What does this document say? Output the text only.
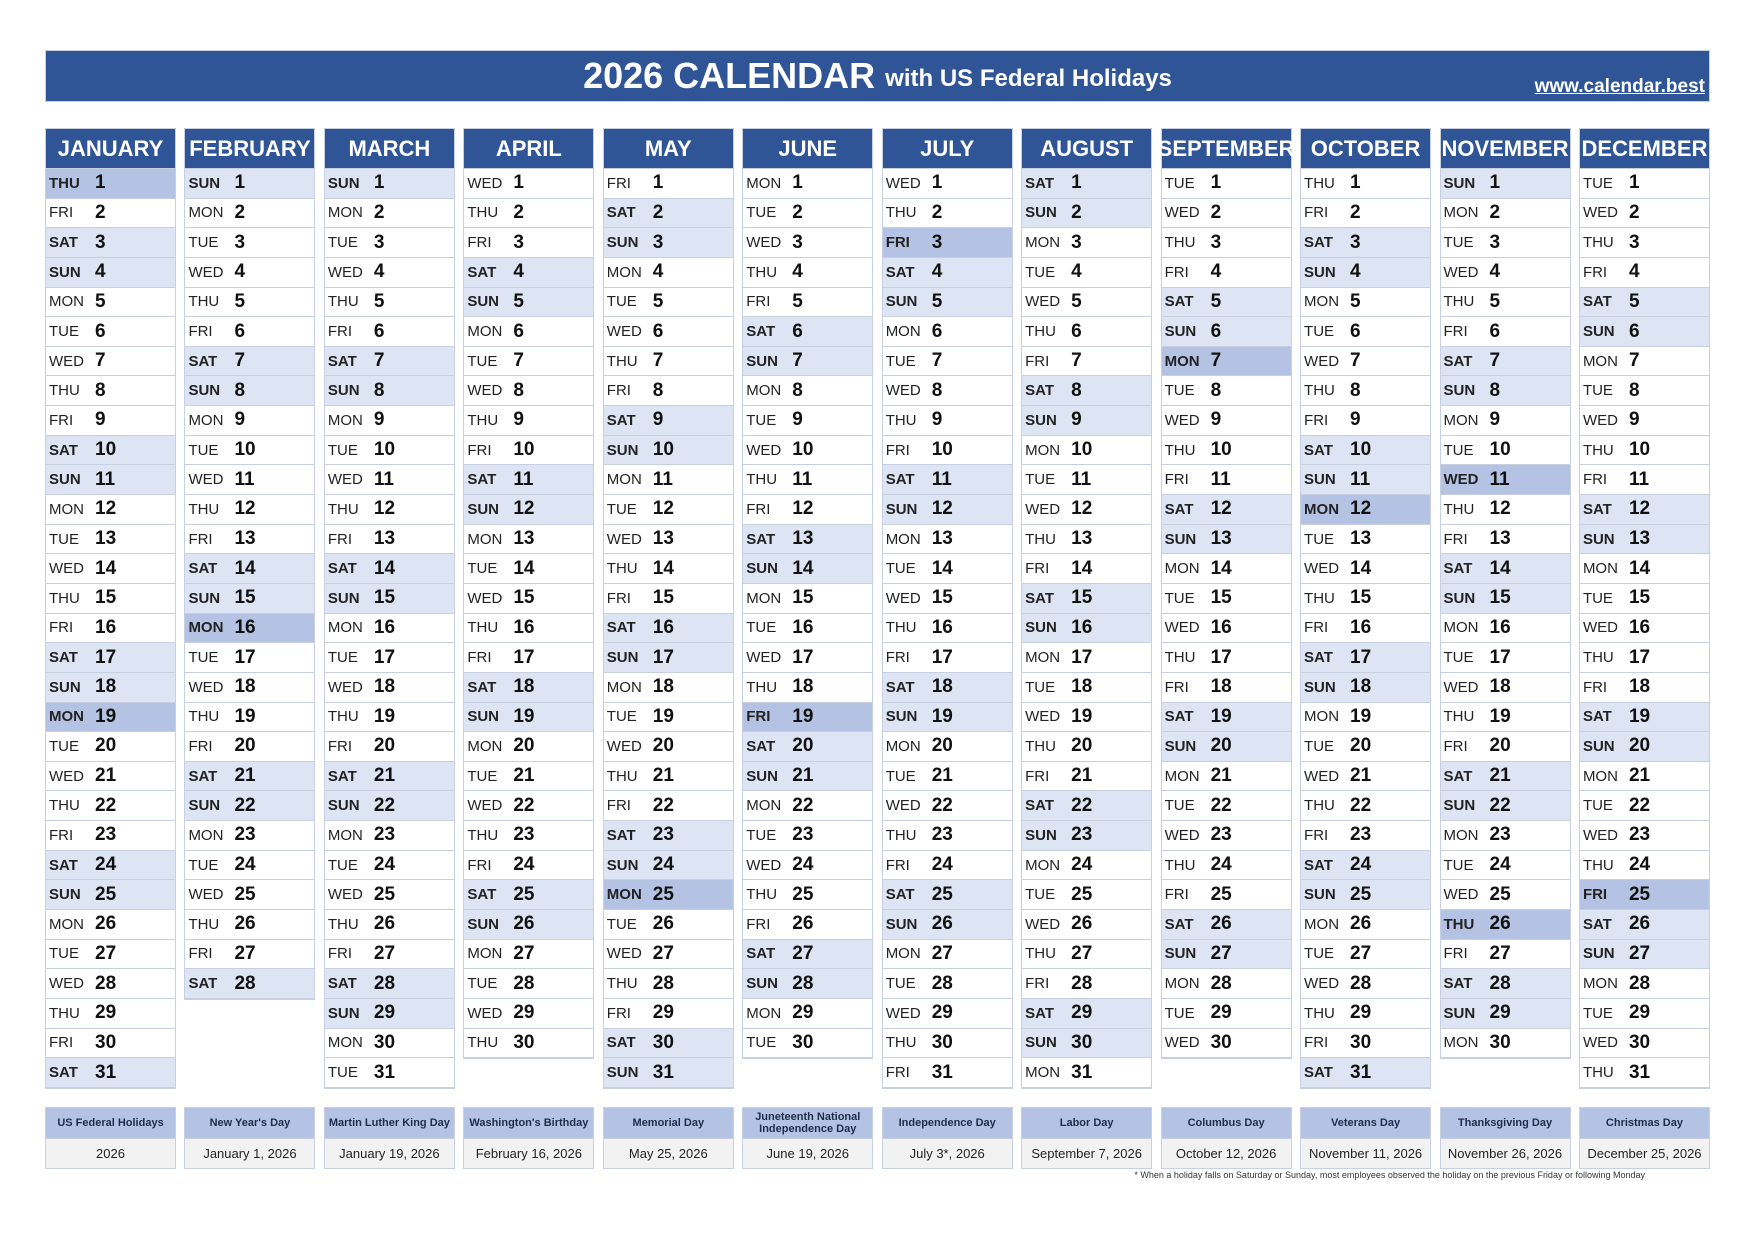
2026 CALENDAR with US Federal Holidays	www.calendar.best
JANUARY
THU 1
FRI	2
SAT 3
SUN 4
MON 5
TUE 6
WED 7
THU 8
FRI	9
SAT 10
SUN 11
MON 12
TUE 13
WED 14
THU 15
FRI	16
SAT 17
SUN 18
MON 19
TUE 20
WED 21
THU 22
FRI	23
SAT 24
SUN 25
MON 26
TUE 27
WED 28
THU 29
FRI	30
SAT 31
FEBRUARY
SUN 1
MON 2
TUE 3
WED 4
THU 5
FRI	6
SAT 7
SUN 8
MON 9
TUE 10
WED 11
THU 12
FRI	13
SAT 14
SUN 15
MON 16
TUE 17
WED 18
THU 19
FRI	20
SAT 21
SUN 22
MON 23
TUE 24
WED 25
THU 26
FRI	27
SAT 28
MARCH
SUN 1
MON 2
TUE 3
WED 4
THU 5
FRI	6
SAT 7
SUN 8
MON 9
TUE 10
WED 11
THU 12
FRI	13
SAT 14
SUN 15
MON 16
TUE 17
WED 18
THU 19
FRI	20
SAT 21
SUN 22
MON 23
TUE 24
WED 25
THU 26
FRI	27
SAT 28
SUN 29
MON 30
TUE 31
APRIL
WED 1
THU 2
FRI	3
SAT 4
SUN 5
MON 6
TUE 7
WED 8
THU 9
FRI	10
SAT 11
SUN 12
MON 13
TUE 14
WED 15
THU 16
FRI	17
SAT 18
SUN 19
MON 20
TUE 21
WED 22
THU 23
FRI	24
SAT 25
SUN 26
MON 27
TUE 28
WED 29
THU 30
MAY
FRI	1
SAT 2
SUN 3
MON 4
TUE 5
WED 6
THU 7
FRI	8
SAT 9
SUN 10
MON 11
TUE 12
WED 13
THU 14
FRI	15
SAT 16
SUN 17
MON 18
TUE 19
WED 20
THU 21
FRI	22
SAT 23
SUN 24
MON 25
TUE 26
WED 27
THU 28
FRI	29
SAT 30
SUN 31
JUNE
MON 1
TUE 2
WED 3
THU 4
FRI	5
SAT 6
SUN 7
MON 8
TUE 9
WED 10
THU 11
FRI	12
SAT 13
SUN 14
MON 15
TUE 16
WED 17
THU 18
FRI	19
SAT 20
SUN 21
MON 22
TUE 23
WED 24
THU 25
FRI	26
SAT 27
SUN 28
MON 29
TUE 30
JULY
WED 1
THU 2
FRI	3
SAT 4
SUN 5
MON 6
TUE 7
WED 8
THU 9
FRI	10
SAT 11
SUN 12
MON 13
TUE 14
WED 15
THU 16
FRI	17
SAT 18
SUN 19
MON 20
TUE 21
WED 22
THU 23
FRI	24
SAT 25
SUN 26
MON 27
TUE 28
WED 29
THU 30
FRI	31
AUGUST
SAT 1
SUN 2
MON 3
TUE 4
WED 5
THU 6
FRI	7
SAT 8
SUN 9
MON 10
TUE 11
WED 12
THU 13
FRI	14
SAT 15
SUN 16
MON 17
TUE 18
WED 19
THU 20
FRI	21
SAT 22
SUN 23
MON 24
TUE 25
WED 26
THU 27
FRI	28
SAT 29
SUN 30
MON 31
SEPTEMBER
TUE 1
WED 2
THU 3
FRI	4
SAT 5
SUN 6
MON 7
TUE 8
WED 9
THU 10
FRI	11
SAT 12
SUN 13
MON 14
TUE 15
WED 16
THU 17
FRI	18
SAT 19
SUN 20
MON 21
TUE 22
WED 23
THU 24
FRI	25
SAT 26
SUN 27
MON 28
TUE 29
WED 30
OCTOBER
THU 1
FRI	2
SAT 3
SUN 4
MON 5
TUE 6
WED 7
THU 8
FRI	9
SAT 10
SUN 11
MON 12
TUE 13
WED 14
THU 15
FRI	16
SAT 17
SUN 18
MON 19
TUE 20
WED 21
THU 22
FRI	23
SAT 24
SUN 25
MON 26
TUE 27
WED 28
THU 29
FRI	30
SAT 31
NOVEMBER
SUN 1
MON 2
TUE 3
WED 4
THU 5
FRI	6
SAT 7
SUN 8
MON 9
TUE 10
WED 11
THU 12
FRI	13
SAT 14
SUN 15
MON 16
TUE 17
WED 18
THU 19
FRI	20
SAT 21
SUN 22
MON 23
TUE 24
WED 25
THU 26
FRI	27
SAT 28
SUN 29
MON 30
DECEMBER
TUE 1
WED 2
THU 3
FRI	4
SAT 5
SUN 6
MON 7
TUE 8
WED 9
THU 10
FRI	11
SAT 12
SUN 13
MON 14
TUE 15
WED 16
THU 17
FRI	18
SAT 19
SUN 20
MON 21
TUE 22
WED 23
THU 24
FRI	25
SAT 26
SUN 27
MON 28
TUE 29
WED 30
THU 31
US Federal Holidays
2026
New Year's Day
January 1, 2026
Martin Luther King Day
January 19, 2026
Washington's Birthday
February 16, 2026
Memorial Day
May 25, 2026
Juneteenth National Independence Day
June 19, 2026
Independence Day
July 3*, 2026
Labor Day
September 7, 2026
Columbus Day
October 12, 2026
Veterans Day
November 11, 2026
Thanksgiving Day
November 26, 2026
Christmas Day
December 25, 2026
* When a holiday falls on Saturday or Sunday, most employees observed the holiday on the previous Friday or following Monday
